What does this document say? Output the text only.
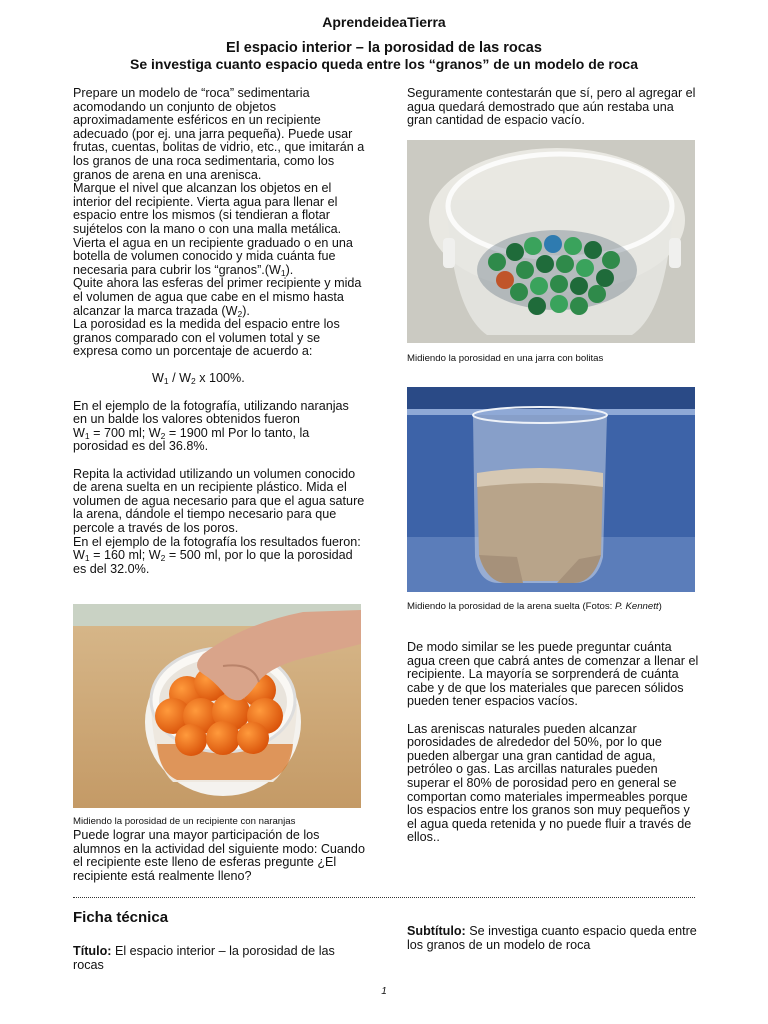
AprendeideaTierra
El espacio interior – la porosidad de las rocas
Se investiga cuanto espacio queda entre los “granos” de un modelo de roca

Prepare un modelo de “roca” sedimentaria acomodando un conjunto de objetos aproximadamente esféricos en un recipiente adecuado (por ej. una jarra pequeña). Puede usar frutas, cuentas, bolitas de vidrio, etc., que imitarán a los granos de una roca sedimentaria, como los granos de arena en una arenisca.

Marque el nivel que alcanzan los objetos en el interior del recipiente. Vierta agua para llenar el espacio entre los mismos (si tendieran a flotar sujételos con la mano o con una malla metálica.

Vierta el agua en un recipiente graduado o en una botella de volumen conocido y mida cuánta fue necesaria para cubrir los “$granos”.(W_1)$.

Quite ahora las esferas del primer recipiente y mida el volumen de agua que cabe en el mismo hasta alcanzar la marca trazada $(W_2)$.

La porosidad es la medida del espacio entre los granos comparado con el volumen total y se expresa como un porcentaje de acuerdo a:

$W_1 / W_2$ x 100%.

En el ejemplo de la fotografía, utilizando naranjas en un balde los valores obtenidos fueron
$W_1 = 700$ ml; $W_2 = 1900$ ml Por lo tanto, la
porosidad es del 36.8%.

Repita la actividad utilizando un volumen conocido de arena suelta en un recipiente plástico. Mida el volumen de agua necesario para que el agua sature la arena, dándole el tiempo necesario para que percole a través de los poros.

En el ejemplo de la fotografía los resultados fueron: $W_1 = 160$ ml; $W_2 = 500$ ml, por lo que la porosidad es del 32.0%.

Midiendo la porosidad de un recipiente con naranjas
Puede lograr una mayor participación de los alumnos en la actividad del siguiente modo: Cuando el recipiente este lleno de esferas pregunte ¿El recipiente está realmente lleno?
Seguramente contestarán que sí, pero al agregar el agua quedará demostrado que aún restaba una gran cantidad de espacio vacío.
Midiendo la porosidad en una jarra con bolitas
Midiendo la porosidad de la arena suelta (Fotos: P. Kennett)

De modo similar se les puede preguntar cuánta agua creen que cabrá antes de comenzar a llenar el recipiente. La mayoría se sorprenderá de cuánta cabe y de que los materiales que parecen sólidos pueden tener espacios vacíos.

Las areniscas naturales pueden alcanzar porosidades de alrededor del 50%, por lo que pueden albergar una gran cantidad de agua, petróleo o gas. Las arcillas naturales pueden superar el 80% de porosidad pero en general se comportan como materiales impermeables porque los espacios entre los granos son muy pequeños y el agua queda retenida y no puede fluir a través de ellos..

Ficha técnica
Título: El espacio interior – la porosidad de las rocas
Subtítulo: Se investiga cuanto espacio queda entre los granos de un modelo de roca
1
